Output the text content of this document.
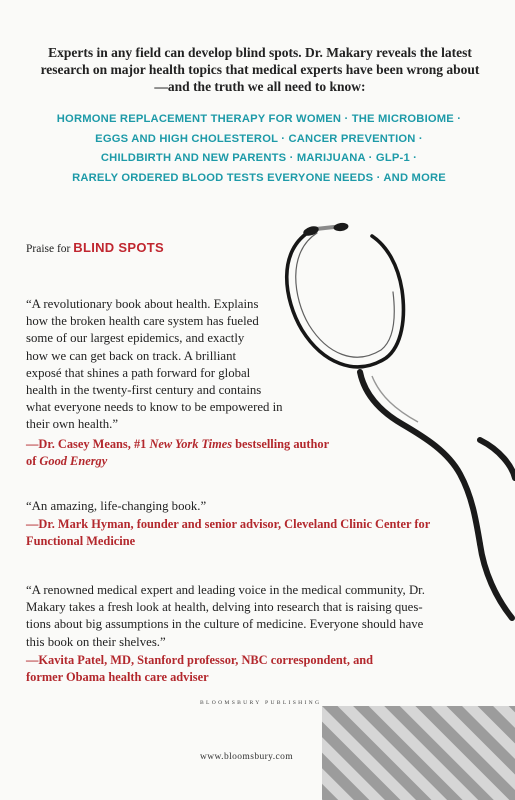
Experts in any field can develop blind spots. Dr. Makary reveals the latest research on major health topics that medical experts have been wrong about—and the truth we all need to know:
HORMONE REPLACEMENT THERAPY FOR WOMEN · THE MICROBIOME ·
EGGS AND HIGH CHOLESTEROL · CANCER PREVENTION ·
CHILDBIRTH AND NEW PARENTS · MARIJUANA · GLP-1 ·
RARELY ORDERED BLOOD TESTS EVERYONE NEEDS · AND MORE
Praise for BLIND SPOTS
“A revolutionary book about health. Explains
how the broken health care system has fueled
some of our largest epidemics, and exactly
how we can get back on track. A brilliant
exposé that shines a path forward for global
health in the twenty-first century and contains
what everyone needs to know to be empowered in
their own health.”
—Dr. Casey Means, #1 New York Times bestselling author
of Good Energy
“An amazing, life-changing book.”
—Dr. Mark Hyman, founder and senior advisor, Cleveland Clinic Center for
Functional Medicine
“A renowned medical expert and leading voice in the medical community, Dr.
Makary takes a fresh look at health, delving into research that is raising ques-
tions about big assumptions in the culture of medicine. Everyone should have
this book on their shelves.”
—Kavita Patel, MD, Stanford professor, NBC correspondent, and
former Obama health care adviser
BLOOMSBURY PUBLISHING
www.bloomsbury.com
